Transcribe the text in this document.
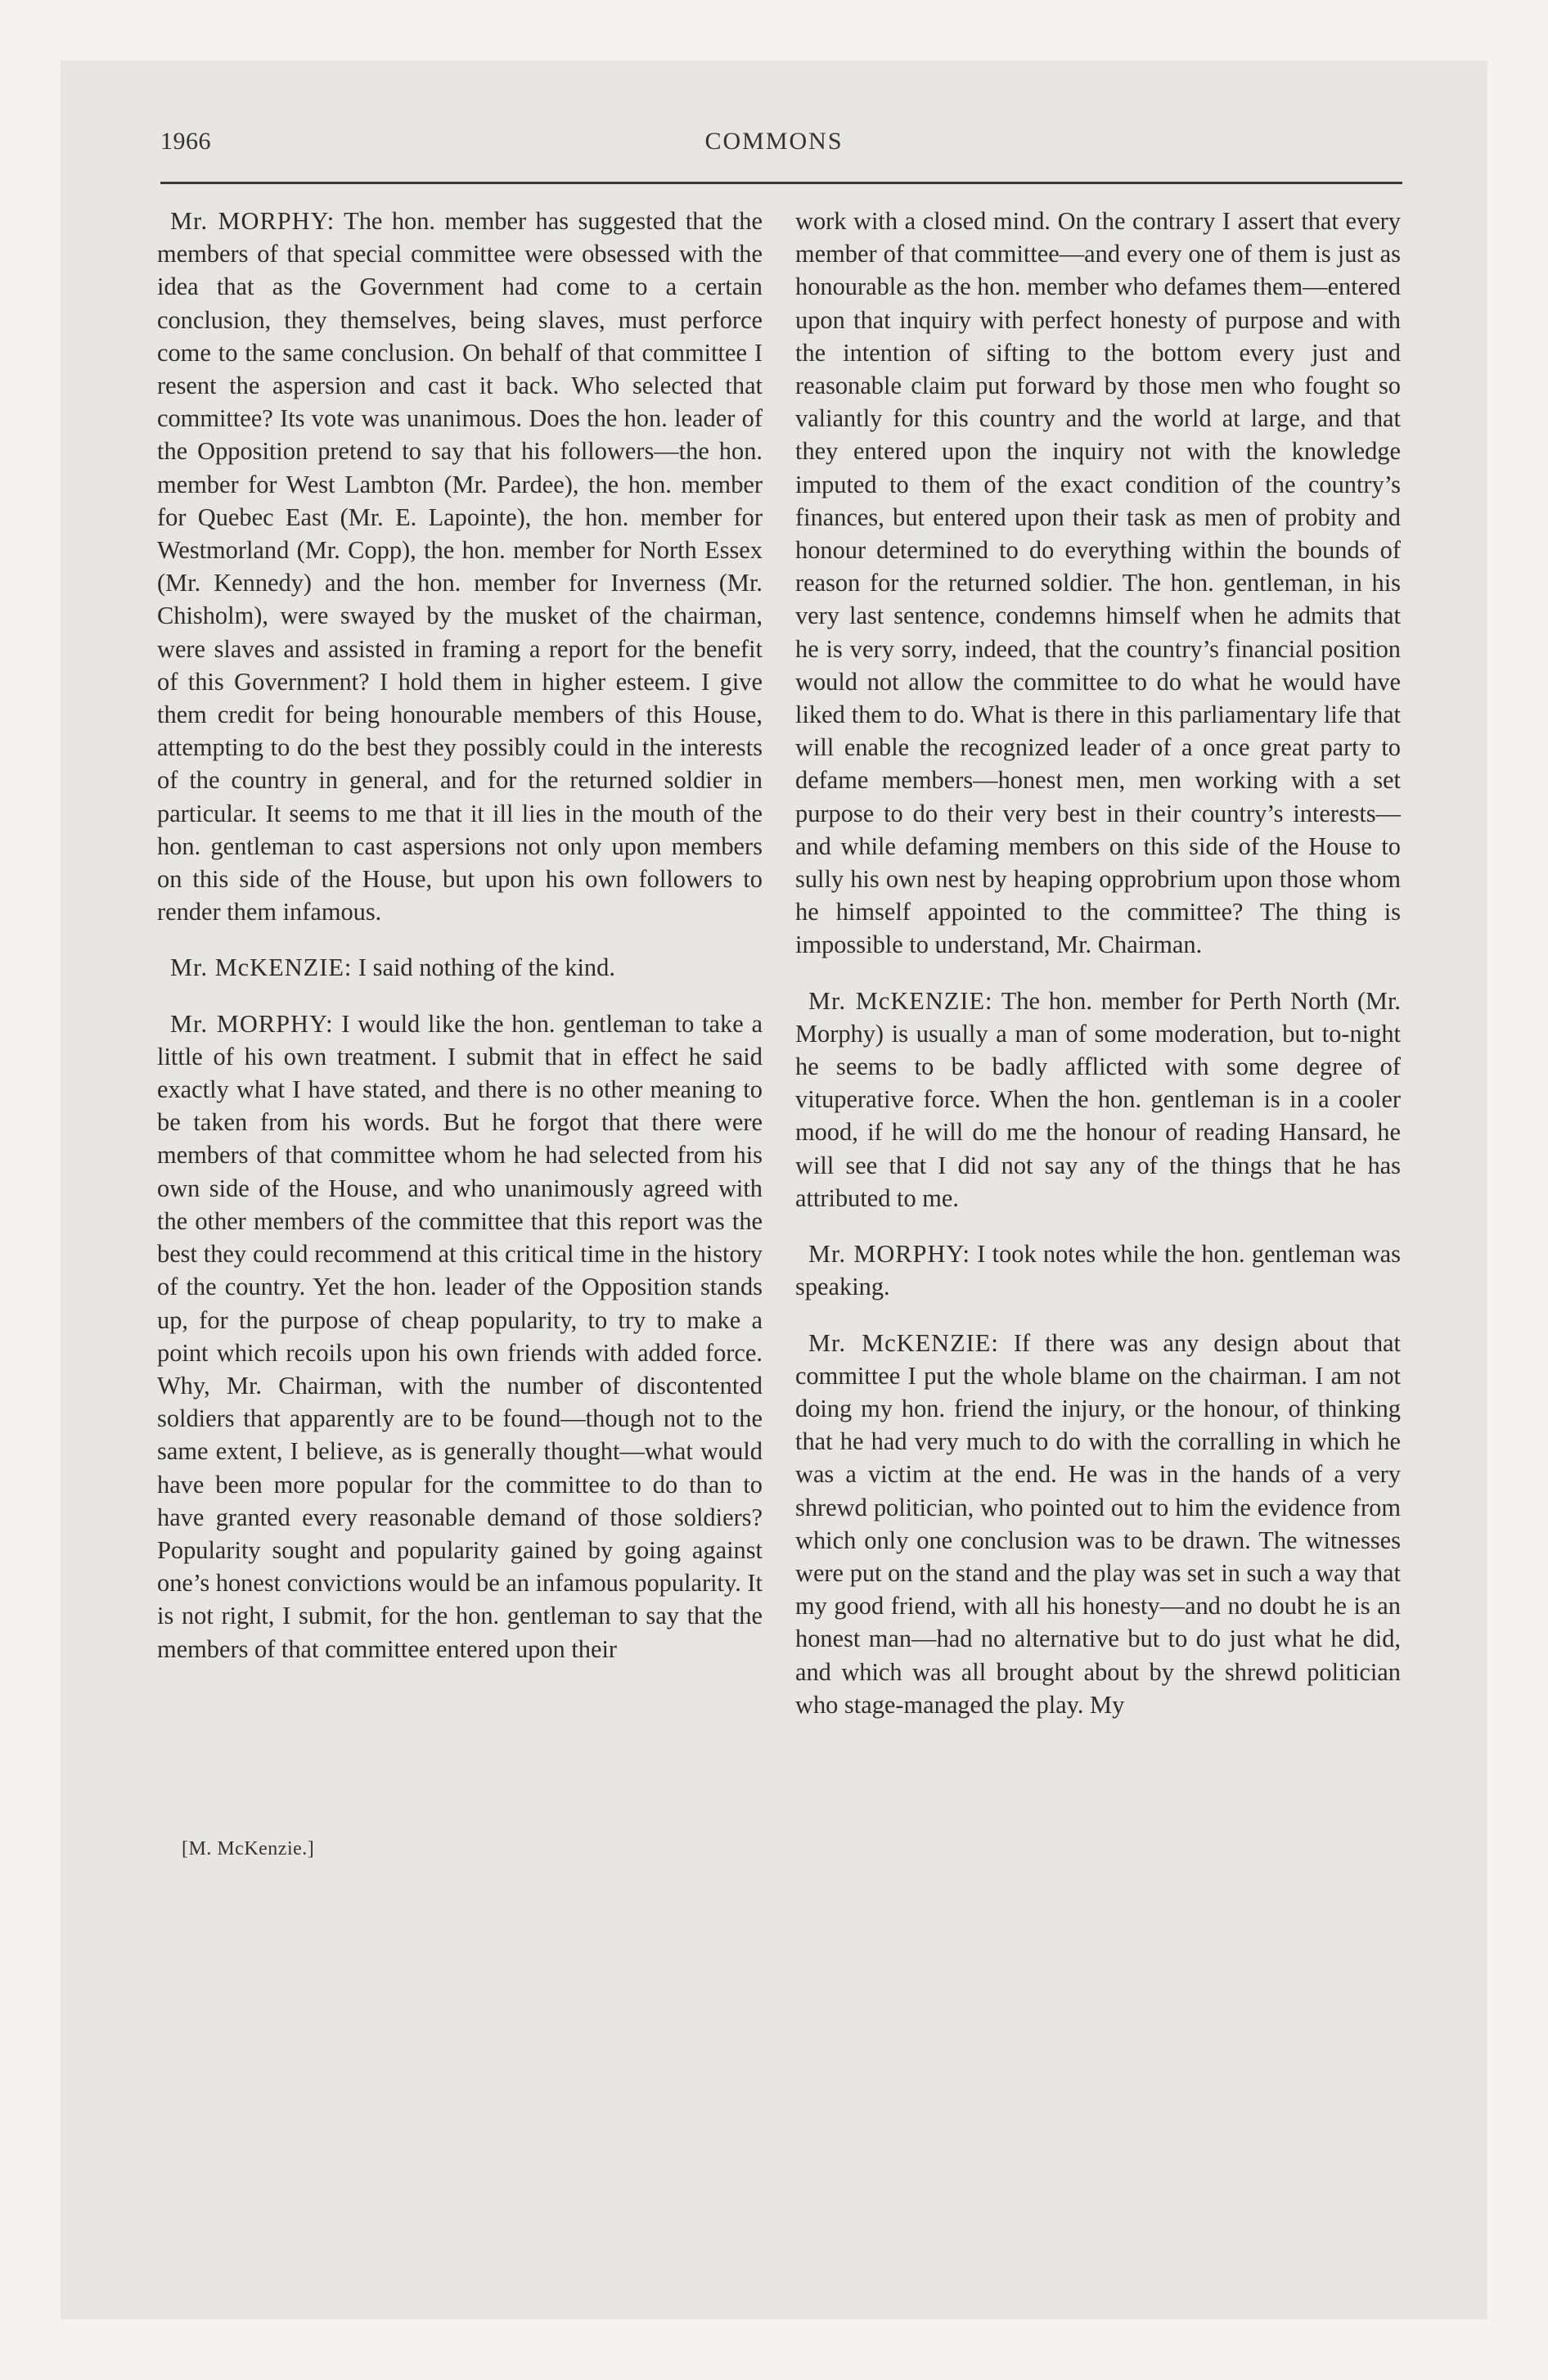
1966	COMMONS

Mr. MORPHY: The hon. member has suggested that the members of that special committee were obsessed with the idea that as the Government had come to a certain conclusion, they themselves, being slaves, must perforce come to the same conclusion. On behalf of that committee I resent the aspersion and cast it back. Who selected that committee? Its vote was unanimous. Does the hon. leader of the Opposition pretend to say that his followers—the hon. member for West Lambton (Mr. Pardee), the hon. member for Quebec East (Mr. E. Lapointe), the hon. member for Westmorland (Mr. Copp), the hon. member for North Essex (Mr. Kennedy) and the hon. member for Inverness (Mr. Chisholm), were swayed by the musket of the chairman, were slaves and assisted in framing a report for the benefit of this Government? I hold them in higher esteem. I give them credit for being honourable members of this House, attempting to do the best they possibly could in the interests of the country in general, and for the returned soldier in particular. It seems to me that it ill lies in the mouth of the hon. gentleman to cast aspersions not only upon members on this side of the House, but upon his own followers to render them infamous.

Mr. McKENZIE: I said nothing of the kind.

Mr. MORPHY: I would like the hon. gentleman to take a little of his own treatment. I submit that in effect he said exactly what I have stated, and there is no other meaning to be taken from his words. But he forgot that there were members of that committee whom he had selected from his own side of the House, and who unanimously agreed with the other members of the committee that this report was the best they could recommend at this critical time in the history of the country. Yet the hon. leader of the Opposition stands up, for the purpose of cheap popularity, to try to make a point which recoils upon his own friends with added force. Why, Mr. Chairman, with the number of discontented soldiers that apparently are to be found—though not to the same extent, I believe, as is generally thought—what would have been more popular for the committee to do than to have granted every reasonable demand of those soldiers? Popularity sought and popularity gained by going against one’s honest convictions would be an infamous popularity. It is not right, I submit, for the hon. gentleman to say that the members of that committee entered upon their

work with a closed mind. On the contrary I assert that every member of that committee—and every one of them is just as honourable as the hon. member who defames them—entered upon that inquiry with perfect honesty of purpose and with the intention of sifting to the bottom every just and reasonable claim put forward by those men who fought so valiantly for this country and the world at large, and that they entered upon the inquiry not with the knowledge imputed to them of the exact condition of the country’s finances, but entered upon their task as men of probity and honour determined to do everything within the bounds of reason for the returned soldier. The hon. gentleman, in his very last sentence, condemns himself when he admits that he is very sorry, indeed, that the country’s financial position would not allow the committee to do what he would have liked them to do. What is there in this parliamentary life that will enable the recognized leader of a once great party to defame members—honest men, men working with a set purpose to do their very best in their country’s interests—and while defaming members on this side of the House to sully his own nest by heaping opprobrium upon those whom he himself appointed to the committee? The thing is impossible to understand, Mr. Chairman.

Mr. McKENZIE: The hon. member for Perth North (Mr. Morphy) is usually a man of some moderation, but to-night he seems to be badly afflicted with some degree of vituperative force. When the hon. gentleman is in a cooler mood, if he will do me the honour of reading Hansard, he will see that I did not say any of the things that he has attributed to me.

Mr. MORPHY: I took notes while the hon. gentleman was speaking.

Mr. McKENZIE: If there was any design about that committee I put the whole blame on the chairman. I am not doing my hon. friend the injury, or the honour, of thinking that he had very much to do with the corralling in which he was a victim at the end. He was in the hands of a very shrewd politician, who pointed out to him the evidence from which only one conclusion was to be drawn. The witnesses were put on the stand and the play was set in such a way that my good friend, with all his honesty—and no doubt he is an honest man—had no alternative but to do just what he did, and which was all brought about by the shrewd politician who stage-managed the play. My

[M. McKenzie.]
